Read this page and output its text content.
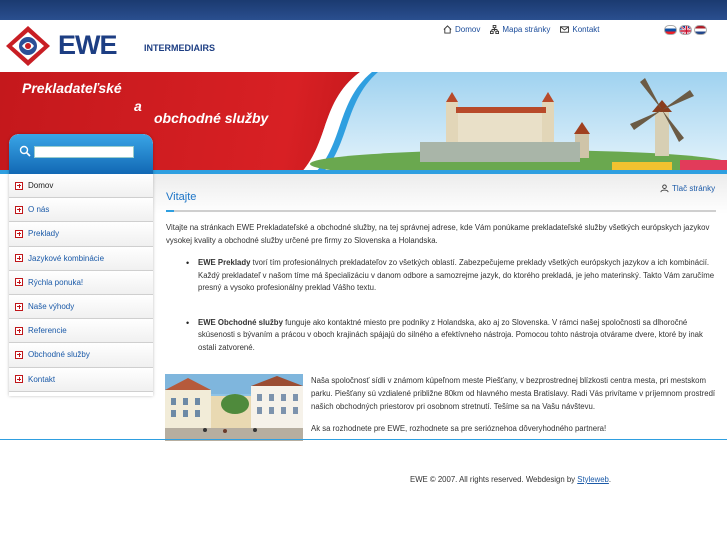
EWE	INTERMEDIAIRS
Domov	Mapa stránky	Kontakt
Prekladateľské
a
obchodné služby
Domov
O nás
Preklady
Jazykové kombinácie
Rýchla ponuka!
Naše výhody
Referencie
Obchodné služby
Kontakt
Tlač stránky
Vitajte

Vitajte na stránkach EWE Prekladateľské a obchodné služby, na tej správnej adrese, kde Vám ponúkame prekladateľské služby všetkých európskych jazykov vysokej kvality a obchodné služby určené pre firmy zo Slovenska a Holandska.

• EWE Preklady tvorí tím profesionálnych prekladateľov zo všetkých oblastí. Zabezpečujeme preklady všetkých európskych jazykov a ich kombinácií. Každý prekladateľ v našom tíme má špecializáciu v danom odbore a samozrejme jazyk, do ktorého prekladá, je jeho materinský. Takto Vám zaručíme presný a vysoko profesionálny preklad Vášho textu.
• EWE Obchodné služby funguje ako kontaktné miesto pre podniky z Holandska, ako aj zo Slovenska. V rámci našej spoločnosti sa dlhoročné skúsenosti s bývaním a prácou v oboch krajinách spájajú do silného a efektívneho nástroja. Pomocou tohto nástroja otvárame dvere, ktoré by inak ostali zatvorené.

Naša spoločnosť sídli v známom kúpeľnom meste Piešťany, v bezprostrednej blízkosti centra mesta, pri mestskom parku. Piešťany sú vzdialené približne 80km od hlavného mesta Bratislavy. Radi Vás privítame v príjemnom prostredí našich obchodných priestorov pri osobnom stretnutí. Tešíme sa na Vašu návštevu.

Ak sa rozhodnete pre EWE, rozhodnete sa pre serióznehoa dôveryhodného partnera!

EWE © 2007. All rights reserved. Webdesign by Styleweb.
